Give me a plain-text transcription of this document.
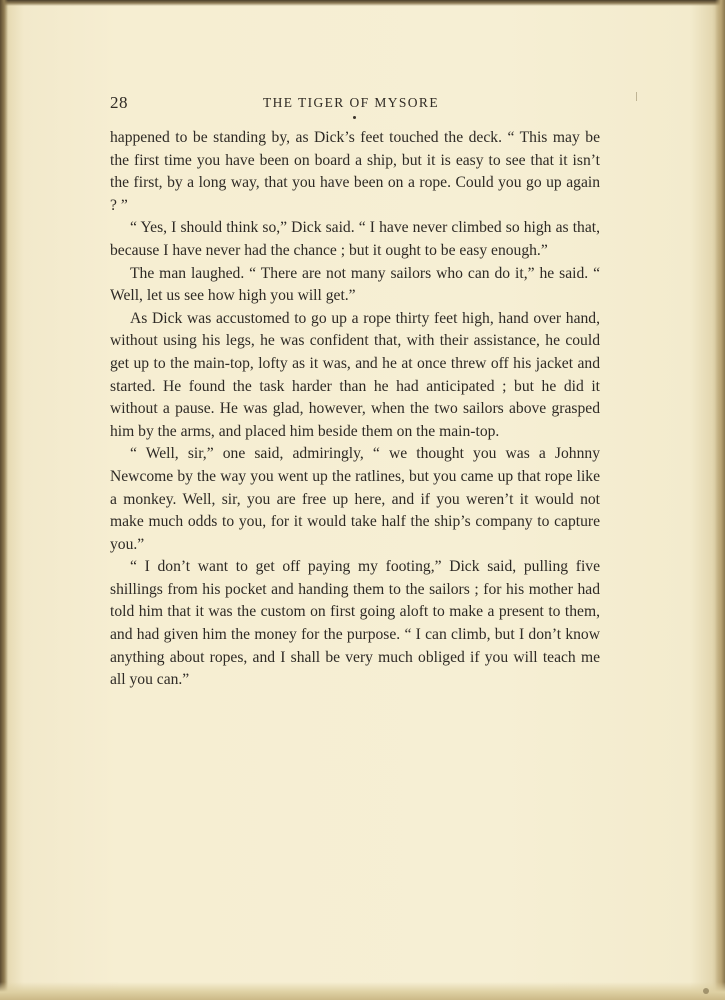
28	THE TIGER OF MYSORE

happened to be standing by, as Dick’s feet touched the deck. “ This may be the first time you have been on board a ship, but it is easy to see that it isn’t the first, by a long way, that you have been on a rope. Could you go up again ? ”

“ Yes, I should think so,” Dick said. “ I have never climbed so high as that, because I have never had the chance ; but it ought to be easy enough.”

The man laughed. “ There are not many sailors who can do it,” he said. “ Well, let us see how high you will get.”

As Dick was accustomed to go up a rope thirty feet high, hand over hand, without using his legs, he was confident that, with their assistance, he could get up to the main-top, lofty as it was, and he at once threw off his jacket and started. He found the task harder than he had anticipated ; but he did it without a pause. He was glad, however, when the two sailors above grasped him by the arms, and placed him beside them on the main-top.

“ Well, sir,” one said, admiringly, “ we thought you was a Johnny Newcome by the way you went up the ratlines, but you came up that rope like a monkey. Well, sir, you are free up here, and if you weren’t it would not make much odds to you, for it would take half the ship’s company to capture you.”

“ I don’t want to get off paying my footing,” Dick said, pulling five shillings from his pocket and handing them to the sailors ; for his mother had told him that it was the custom on first going aloft to make a present to them, and had given him the money for the purpose. “ I can climb, but I don’t know anything about ropes, and I shall be very much obliged if you will teach me all you can.”
